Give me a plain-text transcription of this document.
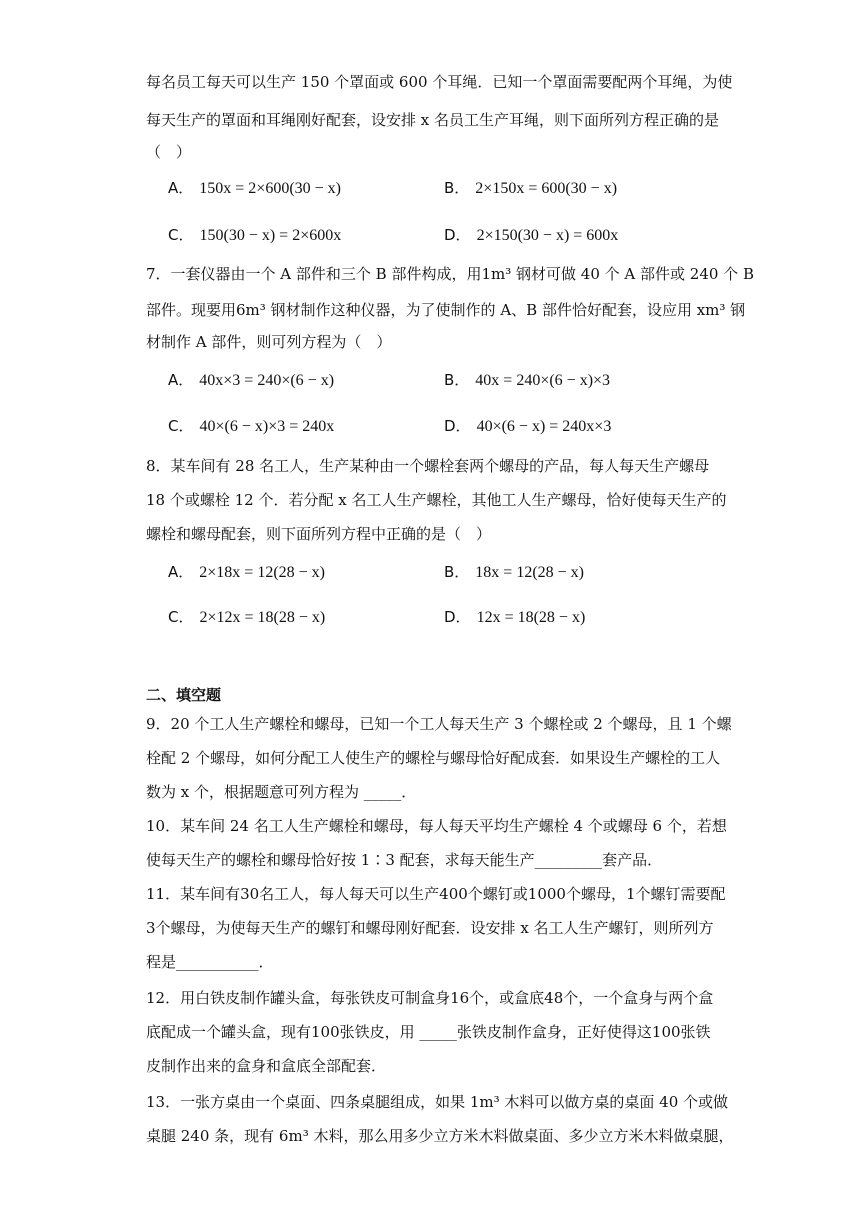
每名员工每天可以生产 150 个罩面或 600 个耳绳．已知一个罩面需要配两个耳绳，为使
每天生产的罩面和耳绳刚好配套，设安排 x 名员工生产耳绳，则下面所列方程正确的是
（　）
A． 150x = 2×600(30 − x)	B． 2×150x = 600(30 − x)
C． 150(30 − x) = 2×600x	D． 2×150(30 − x) = 600x
7．一套仪器由一个 A 部件和三个 B 部件构成，用1m³ 钢材可做 40 个 A 部件或 240 个 B
部件。现要用6m³ 钢材制作这种仪器，为了使制作的 A、B 部件恰好配套，设应用 xm³ 钢
材制作 A 部件，则可列方程为（　）
A． 40x×3 = 240×(6 − x)	B． 40x = 240×(6 − x)×3
C． 40×(6 − x)×3 = 240x	D． 40×(6 − x) = 240x×3
8．某车间有 28 名工人，生产某种由一个螺栓套两个螺母的产品，每人每天生产螺母
18 个或螺栓 12 个．若分配 x 名工人生产螺栓，其他工人生产螺母，恰好使每天生产的
螺栓和螺母配套，则下面所列方程中正确的是（　）
A． 2×18x = 12(28 − x)	B． 18x = 12(28 − x)
C． 2×12x = 18(28 − x)	D． 12x = 18(28 − x)
二、填空题
9．20 个工人生产螺栓和螺母，已知一个工人每天生产 3 个螺栓或 2 个螺母，且 1 个螺
栓配 2 个螺母，如何分配工人使生产的螺栓与螺母恰好配成套．如果设生产螺栓的工人
数为 x 个，根据题意可列方程为 _____．
10．某车间 24 名工人生产螺栓和螺母，每人每天平均生产螺栓 4 个或螺母 6 个，若想
使每天生产的螺栓和螺母恰好按 1∶3 配套，求每天能生产_________套产品．
11．某车间有30名工人，每人每天可以生产400个螺钉或1000个螺母，1个螺钉需要配
3个螺母，为使每天生产的螺钉和螺母刚好配套．设安排 x 名工人生产螺钉，则所列方
程是___________．
12．用白铁皮制作罐头盒，每张铁皮可制盒身16个，或盒底48个，一个盒身与两个盒
底配成一个罐头盒，现有100张铁皮，用 _____张铁皮制作盒身，正好使得这100张铁
皮制作出来的盒身和盒底全部配套．
13．一张方桌由一个桌面、四条桌腿组成，如果 1m³ 木料可以做方桌的桌面 40 个或做
桌腿 240 条，现有 6m³ 木料，那么用多少立方米木料做桌面、多少立方米木料做桌腿，
